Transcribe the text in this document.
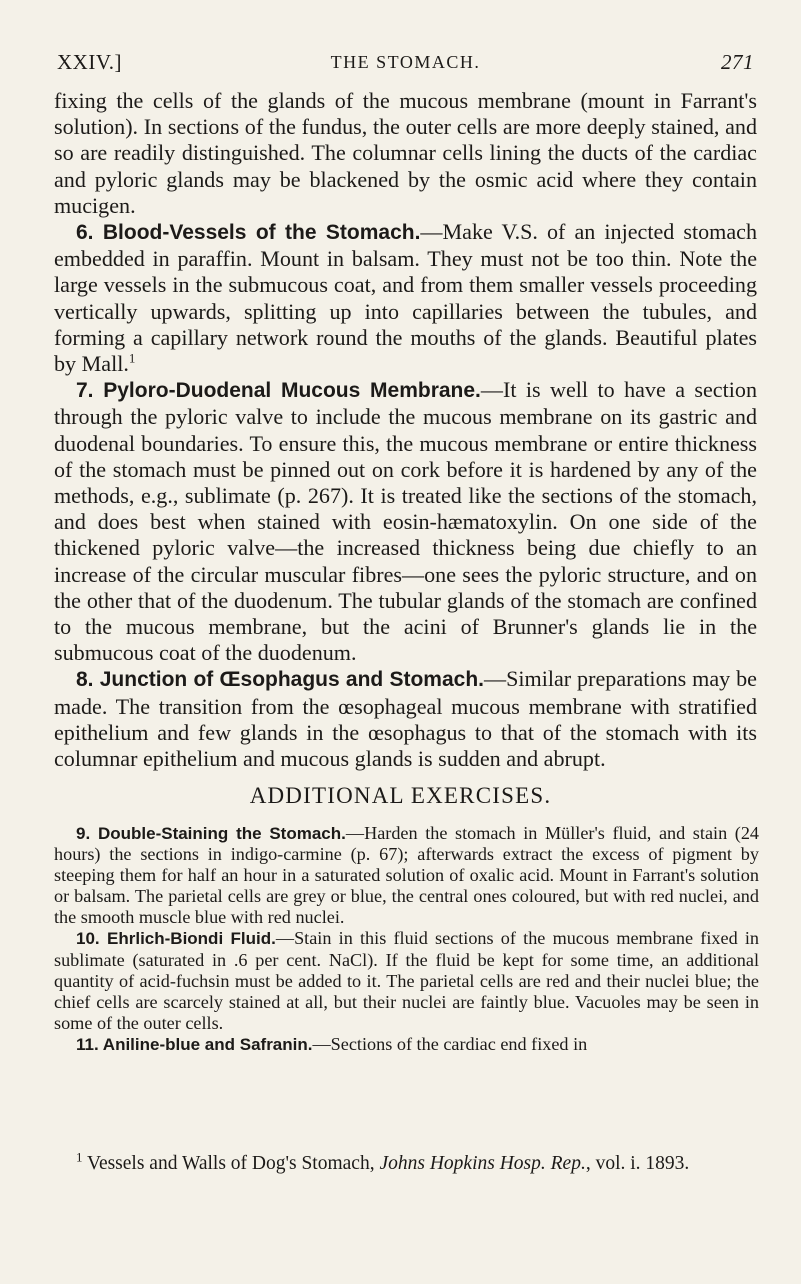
XXIV.]	THE STOMACH.	271

fixing the cells of the glands of the mucous membrane (mount in Farrant's solution). In sections of the fundus, the outer cells are more deeply stained, and so are readily distinguished. The columnar cells lining the ducts of the cardiac and pyloric glands may be blackened by the osmic acid where they contain mucigen.

6. Blood-Vessels of the Stomach.—Make V.S. of an injected stomach embedded in paraffin. Mount in balsam. They must not be too thin. Note the large vessels in the submucous coat, and from them smaller vessels proceeding vertically upwards, splitting up into capillaries between the tubules, and forming a capillary network round the mouths of the glands. Beautiful plates by Mall.$^1$

7. Pyloro-Duodenal Mucous Membrane.—It is well to have a section through the pyloric valve to include the mucous membrane on its gastric and duodenal boundaries. To ensure this, the mucous membrane or entire thickness of the stomach must be pinned out on cork before it is hardened by any of the methods, e.g., sublimate (p. 267). It is treated like the sections of the stomach, and does best when stained with eosin-hæmatoxylin. On one side of the thickened pyloric valve—the increased thickness being due chiefly to an increase of the circular muscular fibres—one sees the pyloric structure, and on the other that of the duodenum. The tubular glands of the stomach are confined to the mucous membrane, but the acini of Brunner's glands lie in the submucous coat of the duodenum.

8. Junction of Œsophagus and Stomach.—Similar preparations may be made. The transition from the œsophageal mucous membrane with stratified epithelium and few glands in the œsophagus to that of the stomach with its columnar epithelium and mucous glands is sudden and abrupt.

ADDITIONAL EXERCISES.

9. Double-Staining the Stomach.—Harden the stomach in Müller's fluid, and stain (24 hours) the sections in indigo-carmine (p. 67); afterwards extract the excess of pigment by steeping them for half an hour in a saturated solution of oxalic acid. Mount in Farrant's solution or balsam. The parietal cells are grey or blue, the central ones coloured, but with red nuclei, and the smooth muscle blue with red nuclei.

10. Ehrlich-Biondi Fluid.—Stain in this fluid sections of the mucous membrane fixed in sublimate (saturated in .6 per cent. NaCl). If the fluid be kept for some time, an additional quantity of acid-fuchsin must be added to it. The parietal cells are red and their nuclei blue; the chief cells are scarcely stained at all, but their nuclei are faintly blue. Vacuoles may be seen in some of the outer cells.

11. Aniline-blue and Safranin.—Sections of the cardiac end fixed in

$^1$ Vessels and Walls of Dog's Stomach, Johns Hopkins Hosp. Rep., vol. i. 1893.
